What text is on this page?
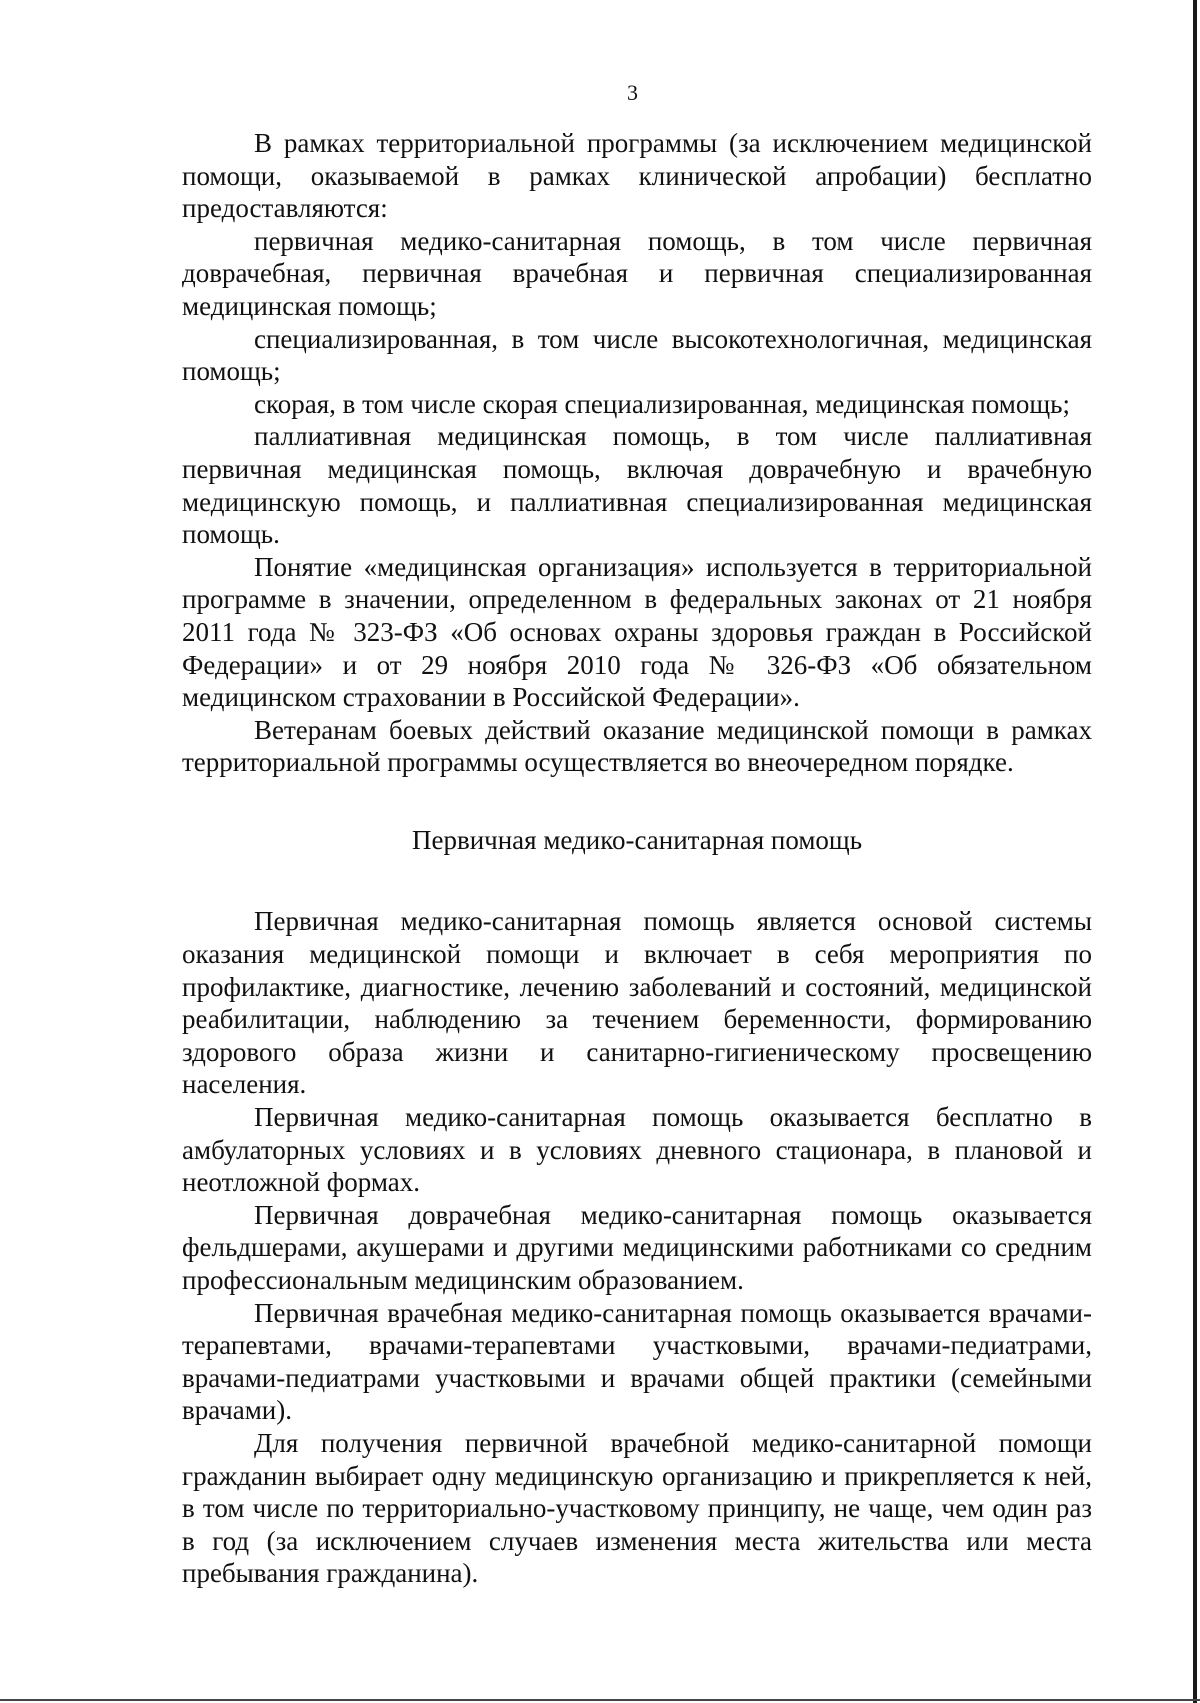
3

В рамках территориальной программы (за исключением медицинской помощи, оказываемой в рамках клинической апробации) бесплатно предоставляются:

первичная медико-санитарная помощь, в том числе первичная доврачебная, первичная врачебная и первичная специализированная медицинская помощь;

специализированная, в том числе высокотехнологичная, медицинская помощь;

скорая, в том числе скорая специализированная, медицинская помощь;

паллиативная медицинская помощь, в том числе паллиативная первичная медицинская помощь, включая доврачебную и врачебную медицинскую помощь, и паллиативная специализированная медицинская помощь.

Понятие «медицинская организация» используется в территориальной программе в значении, определенном в федеральных законах от 21 ноября 2011 года № 323-ФЗ «Об основах охраны здоровья граждан в Российской Федерации» и от 29 ноября 2010 года № 326-ФЗ «Об обязательном медицинском страховании в Российской Федерации».

Ветеранам боевых действий оказание медицинской помощи в рамках территориальной программы осуществляется во внеочередном порядке.

Первичная медико-санитарная помощь

Первичная медико-санитарная помощь является основой системы оказания медицинской помощи и включает в себя мероприятия по профилактике, диагностике, лечению заболеваний и состояний, медицинской реабилитации, наблюдению за течением беременности, формированию здорового образа жизни и санитарно-гигиеническому просвещению населения.

Первичная медико-санитарная помощь оказывается бесплатно в амбулаторных условиях и в условиях дневного стационара, в плановой и неотложной формах.

Первичная доврачебная медико-санитарная помощь оказывается фельдшерами, акушерами и другими медицинскими работниками со средним профессиональным медицинским образованием.

Первичная врачебная медико-санитарная помощь оказывается врачами-терапевтами, врачами-терапевтами участковыми, врачами-педиатрами, врачами-педиатрами участковыми и врачами общей практики (семейными врачами).

Для получения первичной врачебной медико-санитарной помощи гражданин выбирает одну медицинскую организацию и прикрепляется к ней, в том числе по территориально-участковому принципу, не чаще, чем один раз в год (за исключением случаев изменения места жительства или места пребывания гражданина).
